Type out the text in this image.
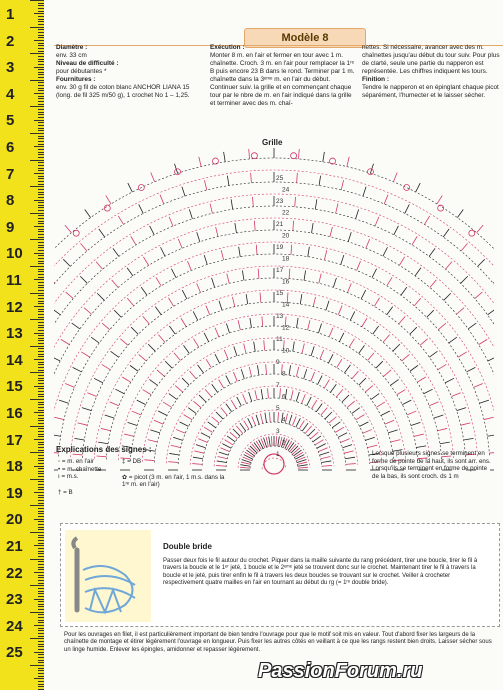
1
2
3
4
5
6
7
8
9
10
11
12
13
14
15
16
17
18
19
20
21
22
23
24
25
Modèle 8
Diamètre :
env. 33 cm
Niveau de difficulté :
pour débutantes *
Fournitures :
env. 30 g fil de coton blanc ANCHOR LIANA 15 (long. de fil 325 m/50 g), 1 crochet No 1 – 1,25.
Exécution :
Monter 8 m. en l'air et fermer en tour avec 1 m. chaînette. Croch. 3 m. en l'air pour remplacer la 1ʳᵉ B puis encore 23 B dans le rond. Terminer par 1 m. chaînette dans la 3ᵉᵐᵉ m. en l'air du début. Continuer suiv. la grille et en commençant chaque tour par le nbre de m. en l'air indiqué dans la grille et terminer avec des m. chaî-
nettes. Si nécessaire, avancer avec des m. chaînettes jusqu'au début du tour suiv. Pour plus de clarté, seule une partie du napperon est représentée. Les chiffres indiquent les tours.
Finition :
Tendre le napperon et en épinglant chaque picot séparément, l'humecter et le laisser sécher.
Grille
1
2
3
4
5
6
7
8
9
10
11
12
13
14
15
16
17
18
19
20
21
22
23
24
25
Explications des signes :
◦ = m. en l'air
• = m. chaînette
ı = m.s.
† = B
‡ = DB
✿ = picot (3 m. en l'air, 1 m.s. dans la 1ʳᵉ m. en l'air)
Lorsque plusieurs signes se terminent en forme de pointe de la haut, ils sont arr. ens. Lorsqu'ils se terminent en forme de pointe de la bas, ils sont croch. ds 1 m
Double bride
Passer deux fois le fil autour du crochet. Piquer dans la maille suivante du rang précédent, tirer une boucle, tirer le fil à travers la boucle et le 1ᵉʳ jeté, 1 boucle et le 2ᵉᵐᵉ jeté se trouvent donc sur le crochet. Maintenant tirer le fil à travers la boucle et le jeté, puis tirer enfin le fil à travers les deux boucles se trouvant sur le crochet. Veiller à crocheter respectivement quatre mailles en l'air en tournant au début du rg (= 1ʳᵉ double bride).
Pour les ouvrages en filet, il est particulièrement important de bien tendre l'ouvrage pour que le motif soit mis en valeur. Tout d'abord fixer les largeurs de la chaînette de montage et étirer légèrement l'ouvrage en longueur. Puis fixer les autres côtés en veillant à ce que les rangs restent bien droits. Laisser sécher sous un linge humide. Enlever les épingles, amidonner et repasser légèrement.
PassionForum.ru
